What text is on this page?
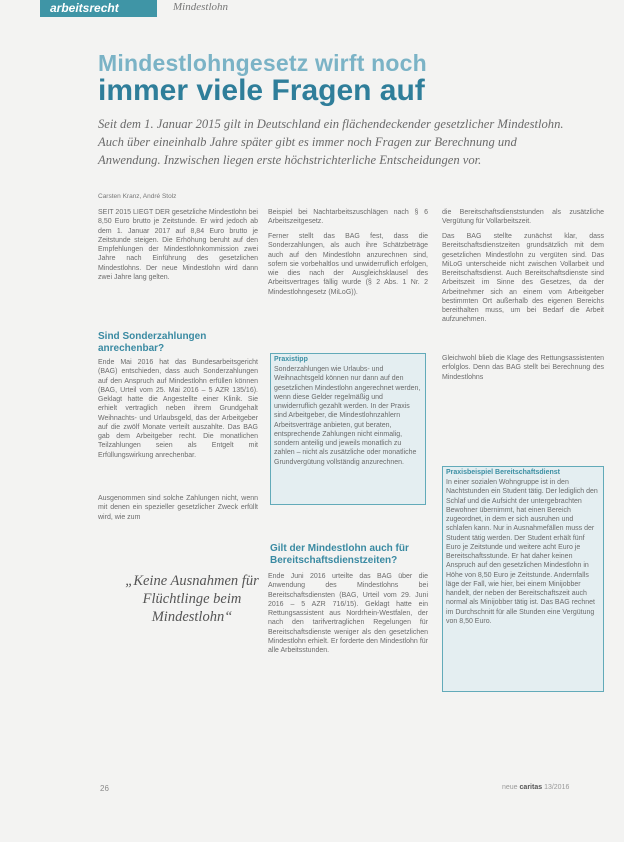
arbeitsrecht	Mindestlohn
Mindestlohngesetz wirft noch
immer viele Fragen auf
Seit dem 1. Januar 2015 gilt in Deutschland ein flächendeckender gesetzlicher Mindestlohn. Auch über eineinhalb Jahre später gibt es immer noch Fragen zur Berechnung und Anwendung. Inzwischen liegen erste höchstrichterliche Entscheidungen vor.
Carsten Kranz, André Stolz
SEIT 2015 LIEGT DER gesetzliche Mindestlohn bei 8,50 Euro brutto je Zeitstunde. Er wird jedoch ab dem 1. Januar 2017 auf 8,84 Euro brutto je Zeitstunde steigen. Die Erhöhung beruht auf den Empfehlungen der Mindestlohnkommission zwei Jahre nach Einführung des gesetzlichen Mindestlohns. Der neue Mindestlohn wird dann zwei Jahre lang gelten.
Sind Sonderzahlungen anrechenbar?
Ende Mai 2016 hat das Bundesarbeitsgericht (BAG) entschieden, dass auch Sonderzahlungen auf den Anspruch auf Mindestlohn erfüllen können (BAG, Urteil vom 25. Mai 2016 – 5 AZR 135/16). Geklagt hatte die Angestellte einer Klinik. Sie erhielt vertraglich neben ihrem Grundgehalt Weihnachts- und Urlaubsgeld, das der Arbeitgeber auf die zwölf Monate verteilt auszahlte. Das BAG gab dem Arbeitgeber recht. Die monatlichen Teilzahlungen seien als Entgelt mit Erfüllungswirkung anrechenbar.
Ausgenommen sind solche Zahlungen nicht, wenn mit denen ein spezieller gesetzlicher Zweck erfüllt wird, wie zum
„Keine Ausnahmen für Flüchtlinge beim Mindestlohn“
Beispiel bei Nachtarbeitszuschlägen nach § 6 Arbeitszeitgesetz.
Ferner stellt das BAG fest, dass die Sonderzahlungen, als auch ihre Schätzbeträge auch auf den Mindestlohn anzurechnen sind, sofern sie vorbehaltlos und unwiderruflich erfolgen, wie dies nach der Ausgleichsklausel des Arbeitsvertrages fällig wurde (§ 2 Abs. 1 Nr. 2 Mindestlohngesetz (MiLoG)).
Praxistipp
Sonderzahlungen wie Urlaubs- und Weihnachtsgeld können nur dann auf den gesetzlichen Mindestlohn angerechnet werden, wenn diese Gelder regelmäßig und unwiderruflich gezahlt werden. In der Praxis sind Arbeitgeber, die Mindestlohnzahlern Arbeitsverträge anbieten, gut beraten, entsprechende Zahlungen nicht einmalig, sondern anteilig und jeweils monatlich zu zahlen – nicht als zusätzliche oder monatliche Grundvergütung vollständig anzurechnen.
Gilt der Mindestlohn auch für Bereitschaftsdienstzeiten?
Ende Juni 2016 urteilte das BAG über die Anwendung des Mindestlohns bei Bereitschaftsdiensten (BAG, Urteil vom 29. Juni 2016 – 5 AZR 716/15). Geklagt hatte ein Rettungsassistent aus Nordrhein-Westfalen, der nach den tarifvertraglichen Regelungen für Bereitschaftsdienste weniger als den gesetzlichen Mindestlohn erhielt. Er forderte den Mindestlohn für alle Arbeitsstunden.
die Bereitschaftsdienststunden als zusätzliche Vergütung für Vollarbeitszeit.
Das BAG stellte zunächst klar, dass Bereitschaftsdienstzeiten grundsätzlich mit dem gesetzlichen Mindestlohn zu vergüten sind. Das MiLoG unterscheide nicht zwischen Vollarbeit und Bereitschaftsdienst. Auch Bereitschaftsdienste sind Arbeitszeit im Sinne des Gesetzes, da der Arbeitnehmer sich an einem vom Arbeitgeber bestimmten Ort außerhalb des eigenen Bereichs bereithalten muss, um bei Bedarf die Arbeit aufzunehmen.
Gleichwohl blieb die Klage des Rettungsassistenten erfolglos. Denn das BAG stellt bei Berechnung des Mindestlohns
Praxisbeispiel Bereitschaftsdienst
In einer sozialen Wohngruppe ist in den Nachtstunden ein Student tätig. Der lediglich den Schlaf und die Aufsicht der untergebrachten Bewohner übernimmt, hat einen Bereich zugeordnet, in dem er sich ausruhen und schlafen kann. Nur in Ausnahmefällen muss der Student tätig werden. Der Student erhält fünf Euro je Zeitstunde und weitere acht Euro je Bereitschaftsstunde. Er hat daher keinen Anspruch auf den gesetzlichen Mindestlohn in Höhe von 8,50 Euro je Zeitstunde. Andernfalls läge der Fall, wie hier, bei einem Minijobber handelt, der neben der Bereitschaftszeit auch normal als Minijobber tätig ist. Das BAG rechnet im Durchschnitt für alle Stunden eine Vergütung von 8,50 Euro.
26	neue caritas 13/2016
